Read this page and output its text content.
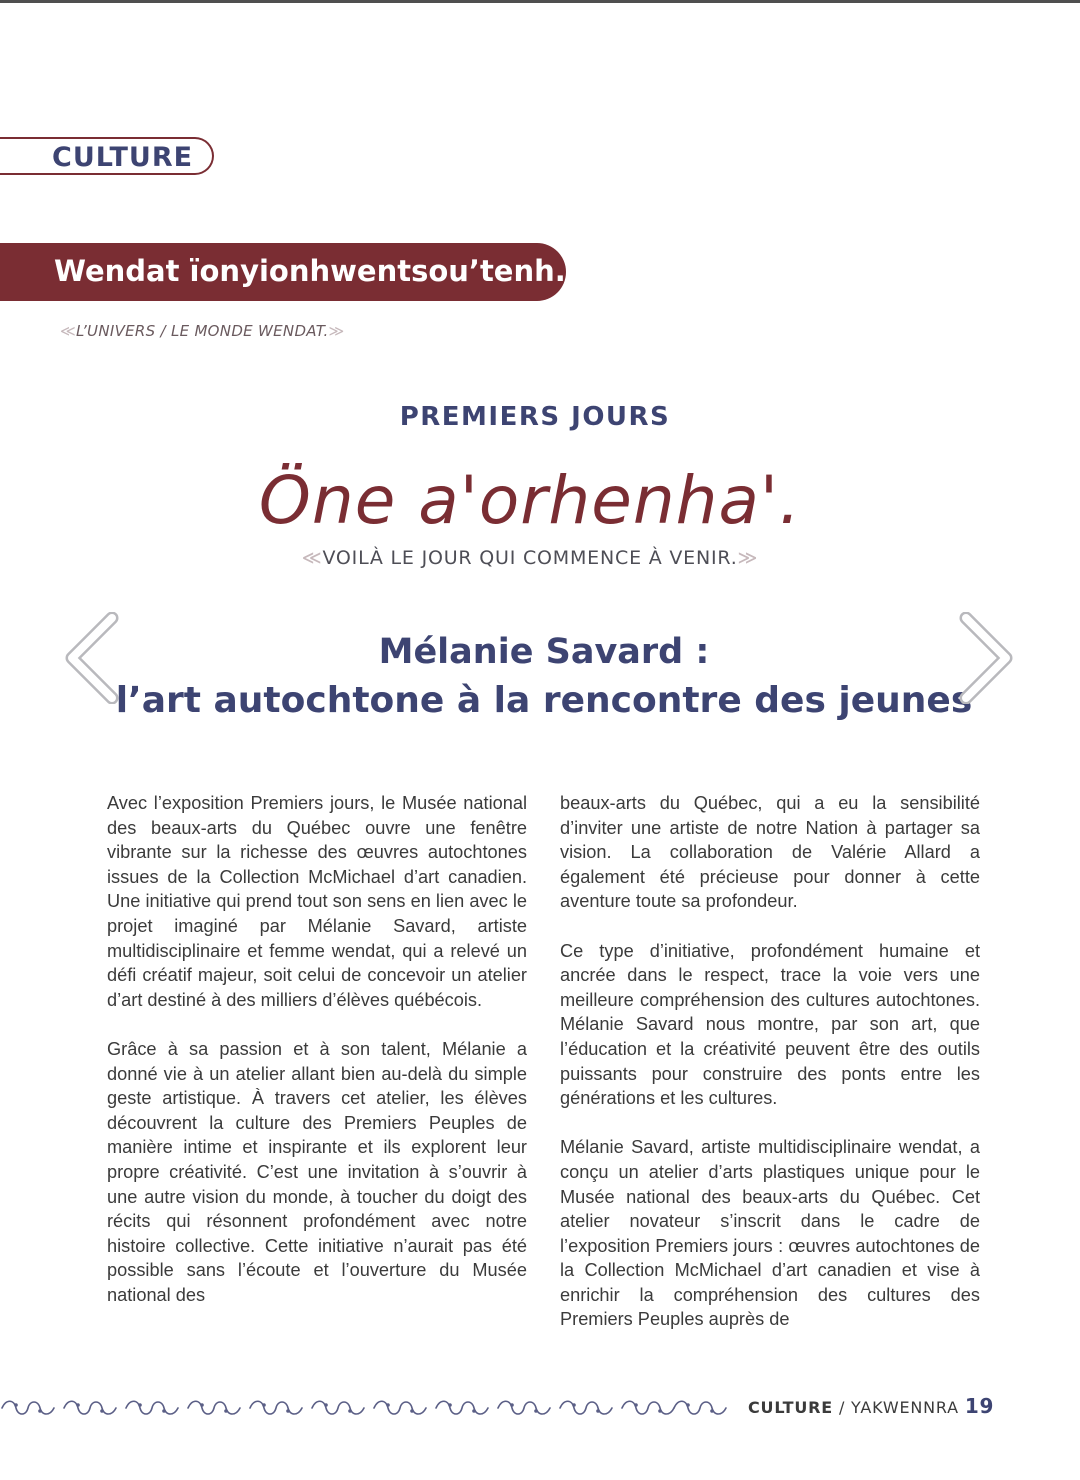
CULTURE
Wendat ïonyionhwentsou’tenh.
≪L’UNIVERS / LE MONDE WENDAT.≫
PREMIERS JOURS
Öne a'orhenha'.
≪VOILÀ LE JOUR QUI COMMENCE À VENIR.≫
Mélanie Savard :
l’art autochtone à la rencontre des jeunes

Avec l’exposition Premiers jours, le Musée national des beaux-arts du Québec ouvre une fenêtre vibrante sur la richesse des œuvres autochtones issues de la Collection McMichael d’art canadien. Une initiative qui prend tout son sens en lien avec le projet imaginé par Mélanie Savard, artiste multidisciplinaire et femme wendat, qui a relevé un défi créatif majeur, soit celui de concevoir un atelier d’art destiné à des milliers d’élèves québécois.

Grâce à sa passion et à son talent, Mélanie a donné vie à un atelier allant bien au-delà du simple geste artistique. À travers cet atelier, les élèves découvrent la culture des Premiers Peuples de manière intime et inspirante et ils explorent leur propre créativité. C’est une invitation à s’ouvrir à une autre vision du monde, à toucher du doigt des récits qui résonnent profondément avec notre histoire collective. Cette initiative n’aurait pas été possible sans l’écoute et l’ouverture du Musée national des

beaux-arts du Québec, qui a eu la sensibilité d’inviter une artiste de notre Nation à partager sa vision. La collaboration de Valérie Allard a également été précieuse pour donner à cette aventure toute sa profondeur.

Ce type d’initiative, profondément humaine et ancrée dans le respect, trace la voie vers une meilleure compréhension des cultures autochtones. Mélanie Savard nous montre, par son art, que l’éducation et la créativité peuvent être des outils puissants pour construire des ponts entre les générations et les cultures.

Mélanie Savard, artiste multidisciplinaire wendat, a conçu un atelier d’arts plastiques unique pour le Musée national des beaux-arts du Québec. Cet atelier novateur s’inscrit dans le cadre de l’exposition Premiers jours : œuvres autochtones de la Collection McMichael d’art canadien et vise à enrichir la compréhension des cultures des Premiers Peuples auprès de

CULTURE / YAKWENNRA 19
